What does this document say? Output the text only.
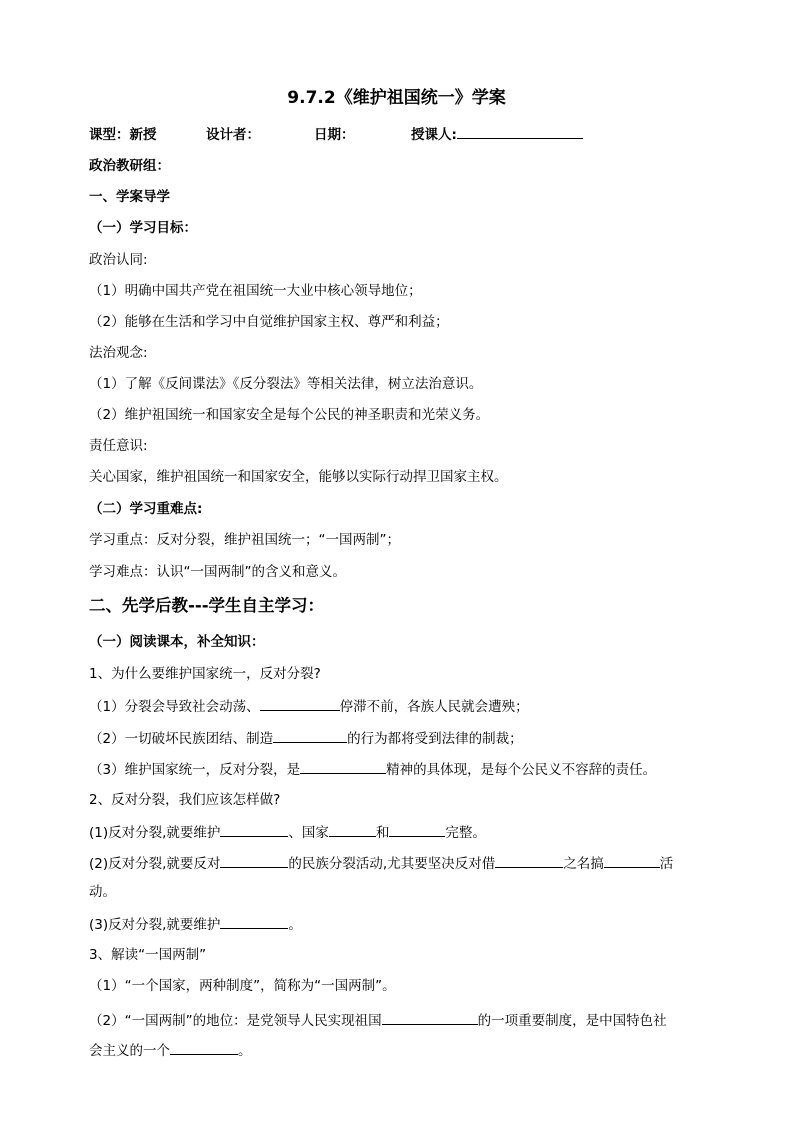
9.7.2《维护祖国统一》学案
课型：新授	设计者：	日期：	授课人:
政治教研组：
一、学案导学
（一）学习目标：
政治认同:
（1）明确中国共产党在祖国统一大业中核心领导地位；
（2）能够在生活和学习中自觉维护国家主权、尊严和利益；
法治观念:
（1）了解《反间谍法》《反分裂法》等相关法律，树立法治意识。
（2）维护祖国统一和国家安全是每个公民的神圣职责和光荣义务。
责任意识:
关心国家，维护祖国统一和国家安全，能够以实际行动捍卫国家主权。
（二）学习重难点:
学习重点：反对分裂，维护祖国统一；“一国两制”；
学习难点：认识“一国两制”的含义和意义。
二、先学后教---学生自主学习：
（一）阅读课本，补全知识：
1、为什么要维护国家统一，反对分裂?
（1）分裂会导致社会动荡、	停滞不前，各族人民就会遭殃；
（2）一切破坏民族团结、制造	的行为都将受到法律的制裁；
（3）维护国家统一，反对分裂，是	精神的具体现，是每个公民义不容辞的责任。
2、反对分裂，我们应该怎样做?
(1)反对分裂,就要维护	、国家	和	完整。
(2)反对分裂,就要反对	的民族分裂活动,尤其要坚决反对借	之名搞	活
动。
(3)反对分裂,就要维护	。
3、解读“一国两制”
（1）“一个国家，两种制度”，简称为“一国两制”。
（2）“一国两制”的地位：是党领导人民实现祖国	的一项重要制度，是中国特色社
会主义的一个	。
